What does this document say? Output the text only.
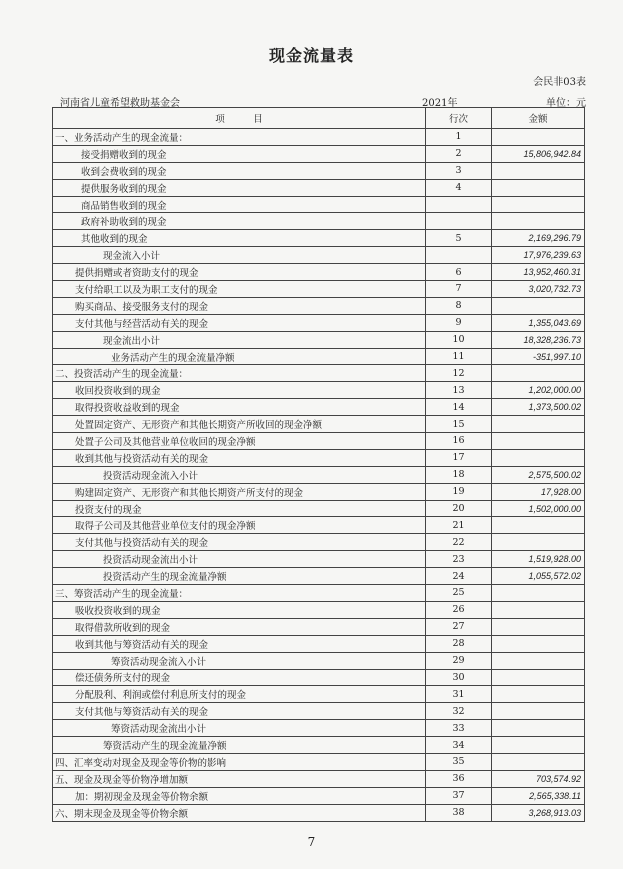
现金流量表
会民非03表
河南省儿童希望救助基金会	2021年	单位：元
项　　　目	行次	金额
一、业务活动产生的现金流量：	1	
接受捐赠收到的现金	2	15,806,942.84
收到会费收到的现金	3	
提供服务收到的现金	4	
商品销售收到的现金		
政府补助收到的现金		
其他收到的现金	5	2,169,296.79
现金流入小计		17,976,239.63
提供捐赠或者资助支付的现金	6	13,952,460.31
支付给职工以及为职工支付的现金	7	3,020,732.73
购买商品、接受服务支付的现金	8	
支付其他与经营活动有关的现金	9	1,355,043.69
现金流出小计	10	18,328,236.73
业务活动产生的现金流量净额	11	-351,997.10
二、投资活动产生的现金流量：	12	
收回投资收到的现金	13	1,202,000.00
取得投资收益收到的现金	14	1,373,500.02
处置固定资产、无形资产和其他长期资产所收回的现金净额	15	
处置子公司及其他营业单位收回的现金净额	16	
收到其他与投资活动有关的现金	17	
投资活动现金流入小计	18	2,575,500.02
购建固定资产、无形资产和其他长期资产所支付的现金	19	17,928.00
投资支付的现金	20	1,502,000.00
取得子公司及其他营业单位支付的现金净额	21	
支付其他与投资活动有关的现金	22	
投资活动现金流出小计	23	1,519,928.00
投资活动产生的现金流量净额	24	1,055,572.02
三、筹资活动产生的现金流量：	25	
吸收投资收到的现金	26	
取得借款所收到的现金	27	
收到其他与筹资活动有关的现金	28	
筹资活动现金流入小计	29	
偿还债务所支付的现金	30	
分配股利、利润或偿付利息所支付的现金	31	
支付其他与筹资活动有关的现金	32	
筹资活动现金流出小计	33	
筹资活动产生的现金流量净额	34	
四、汇率变动对现金及现金等价物的影响	35	
五、现金及现金等价物净增加额	36	703,574.92
加：期初现金及现金等价物余额	37	2,565,338.11
六、期末现金及现金等价物余额	38	3,268,913.03
7
